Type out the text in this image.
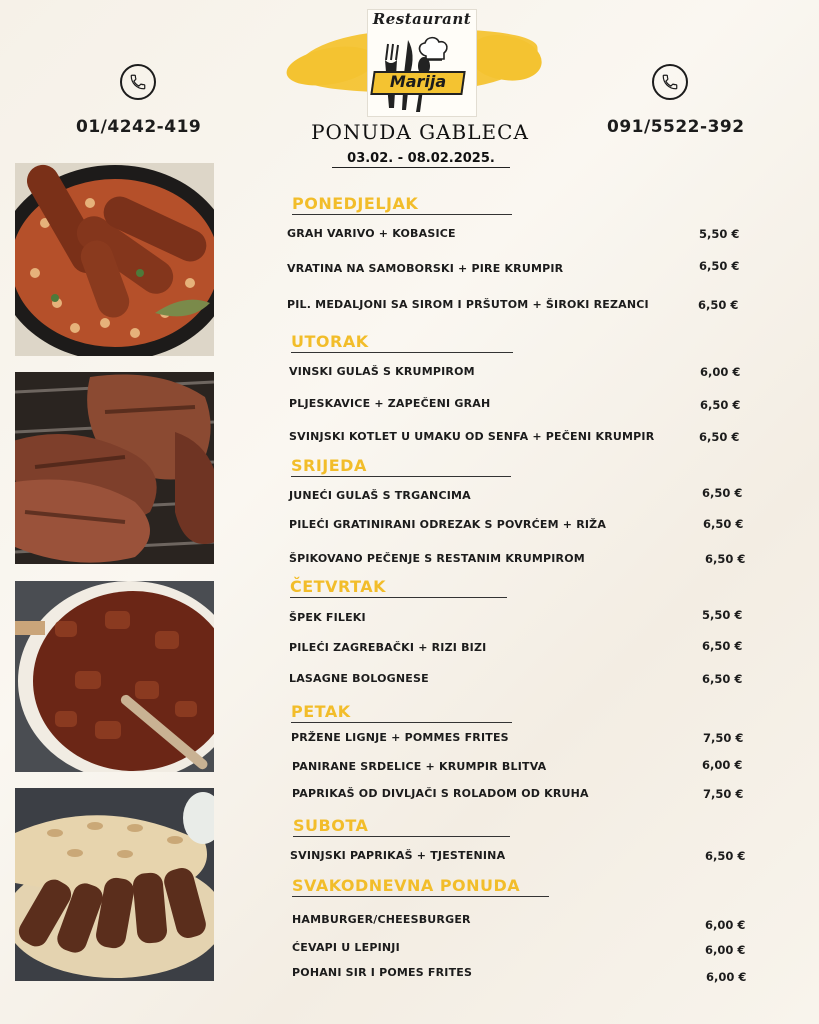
Restaurant
Marija
01/4242-419	091/5522-392
PONUDA GABLECA
03.02. - 08.02.2025.
PONEDJELJAK
GRAH VARIVO + KOBASICE	5,50 €
VRATINA NA SAMOBORSKI + PIRE KRUMPIR	6,50 €
PIL. MEDALJONI SA SIROM I PRŠUTOM + ŠIROKI REZANCI	6,50 €
UTORAK
VINSKI GULAŠ S KRUMPIROM	6,00 €
PLJESKAVICE + ZAPEČENI GRAH	6,50 €
SVINJSKI KOTLET U UMAKU OD SENFA + PEČENI KRUMPIR	6,50 €
SRIJEDA
JUNEĆI GULAŠ S TRGANCIMA	6,50 €
PILEĆI GRATINIRANI ODREZAK S POVRĆEM + RIŽA	6,50 €
ŠPIKOVANO PEČENJE S RESTANIM KRUMPIROM	6,50 €
ČETVRTAK
ŠPEK FILEKI	5,50 €
PILEĆI ZAGREBAČKI + RIZI BIZI	6,50 €
LASAGNE BOLOGNESE	6,50 €
PETAK
PRŽENE LIGNJE + POMMES FRITES	7,50 €
PANIRANE SRDELICE + KRUMPIR BLITVA	6,00 €
PAPRIKAŠ OD DIVLJAČI S ROLADOM OD KRUHA	7,50 €
SUBOTA
SVINJSKI PAPRIKAŠ + TJESTENINA	6,50 €
SVAKODNEVNA PONUDA
HAMBURGER/CHEESBURGER	6,00 €
ĆEVAPI U LEPINJI	6,00 €
POHANI SIR I POMES FRITES	6,00 €
